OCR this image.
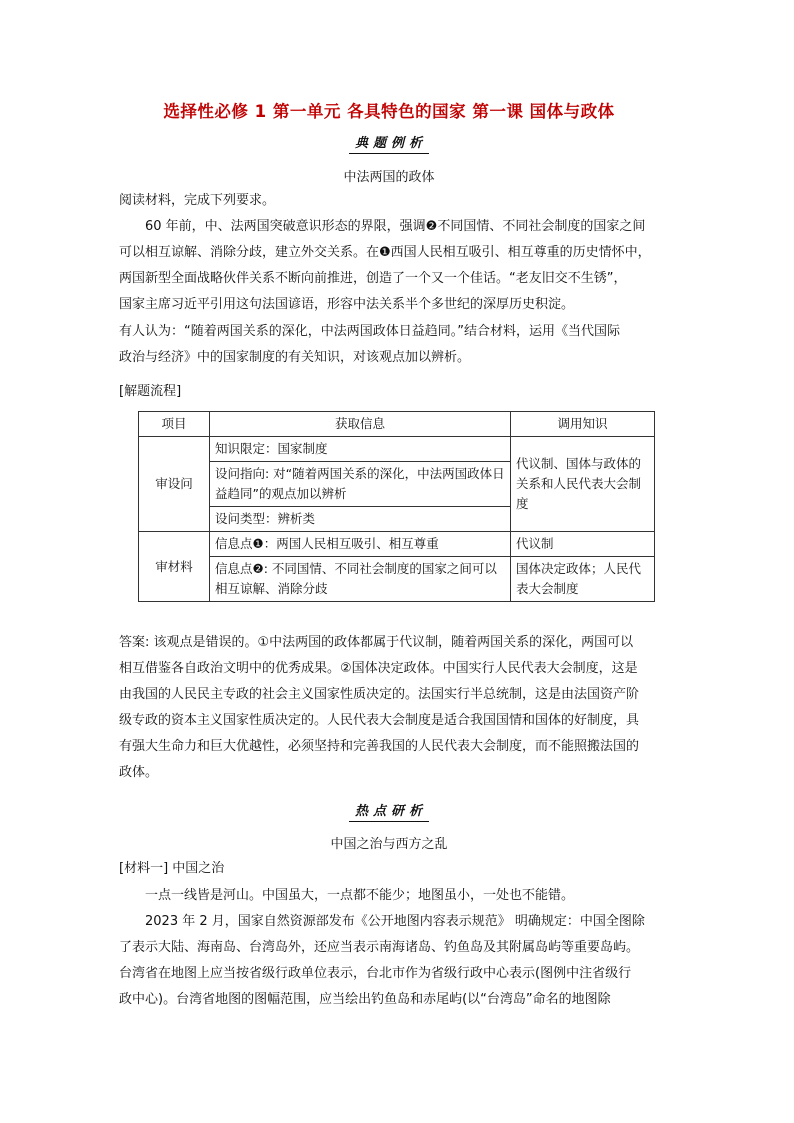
选择性必修 1 第一单元 各具特色的国家 第一课 国体与政体
典题例析
中法两国的政体
阅读材料，完成下列要求。
60 年前，中、法两国突破意识形态的界限，强调❷不同国情、不同社会制度的国家之间
可以相互谅解、消除分歧，建立外交关系。在❶西国人民相互吸引、相互尊重的历史情怀中，
两国新型全面战略伙伴关系不断向前推进，创造了一个又一个佳话。“老友旧交不生锈”，
国家主席习近平引用这句法国谚语，形容中法关系半个多世纪的深厚历史积淀。
有人认为：“随着两国关系的深化，中法两国政体日益趋同。”结合材料，运用《当代国际
政治与经济》中的国家制度的有关知识，对该观点加以辨析。
[解题流程]
项目	获取信息	调用知识
审设问	知识限定：国家制度	代议制、国体与政体的关系和人民代表大会制度
	设问指向: 对“随着两国关系的深化，中法两国政体日益趋同”的观点加以辨析	
	设问类型：辨析类	
审材料	信息点❶：两国人民相互吸引、相互尊重	代议制
	信息点❷: 不同国情、不同社会制度的国家之间可以相互谅解、消除分歧	国体决定政体；人民代表大会制度
答案: 该观点是错误的。①中法两国的政体都属于代议制，随着两国关系的深化，两国可以
相互借鉴各自政治文明中的优秀成果。②国体决定政体。中国实行人民代表大会制度，这是
由我国的人民民主专政的社会主义国家性质决定的。法国实行半总统制，这是由法国资产阶
级专政的资本主义国家性质决定的。人民代表大会制度是适合我国国情和国体的好制度，具
有强大生命力和巨大优越性，必须坚持和完善我国的人民代表大会制度，而不能照搬法国的
政体。
热点研析
中国之治与西方之乱
[材料一] 中国之治
一点一线皆是河山。中国虽大，一点都不能少；地图虽小，一处也不能错。
2023 年 2 月，国家自然资源部发布《公开地图内容表示规范》 明确规定：中国全图除
了表示大陆、海南岛、台湾岛外，还应当表示南海诸岛、钓鱼岛及其附属岛屿等重要岛屿。
台湾省在地图上应当按省级行政单位表示，台北市作为省级行政中心表示(图例中注省级行
政中心)。台湾省地图的图幅范围，应当绘出钓鱼岛和赤尾屿(以“台湾岛”命名的地图除
